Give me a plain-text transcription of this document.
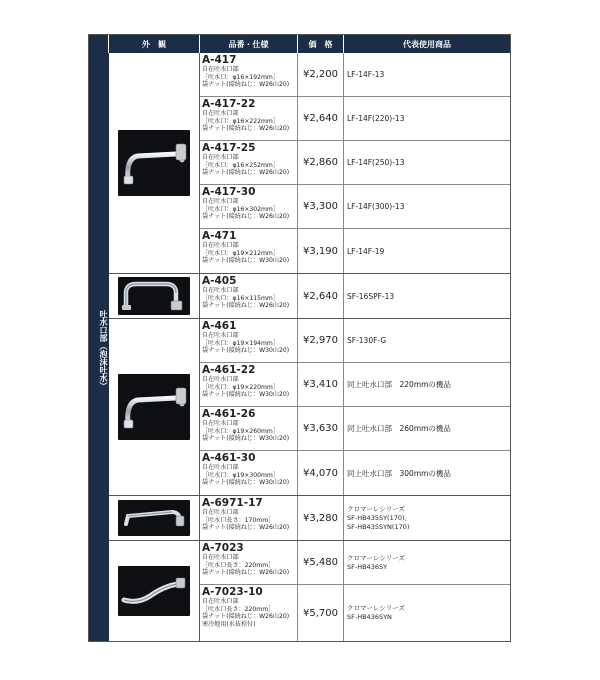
外　観	品番・仕様	価　格	代表使用商品
吐水口部（泡沫吐水）
A-417
自在吐水口部
［吐水口：φ16×192mm］
袋ナット(接続ねじ：W26山20)
¥2,200	LF-14F-13
A-417-22
自在吐水口部
［吐水口：φ16×222mm］
袋ナット(接続ねじ：W26山20)
¥2,640	LF-14F(220)-13
A-417-25
自在吐水口部
［吐水口：φ16×252mm］
袋ナット(接続ねじ：W26山20)
¥2,860	LF-14F(250)-13
A-417-30
自在吐水口部
［吐水口：φ16×302mm］
袋ナット(接続ねじ：W26山20)
¥3,300	LF-14F(300)-13
A-471
自在吐水口部
［吐水口：φ19×212mm］
袋ナット(接続ねじ：W30山20)
¥3,190	LF-14F-19
A-405
自在吐水口部
［吐水口：φ16×115mm］
袋ナット(接続ねじ：W26山20)
¥2,640	SF-16SPF-13
A-461
自在吐水口部
［吐水口：φ19×194mm］
袋ナット(接続ねじ：W30山20)
¥2,970	SF-130F-G
A-461-22
自在吐水口部
［吐水口：φ19×220mm］
袋ナット(接続ねじ：W30山20)
¥3,410	同上吐水口部　220mmの機品
A-461-26
自在吐水口部
［吐水口：φ19×260mm］
袋ナット(接続ねじ：W30山20)
¥3,630	同上吐水口部　260mmの機品
A-461-30
自在吐水口部
［吐水口：φ19×300mm］
袋ナット(接続ねじ：W30山20)
¥4,070	同上吐水口部　300mmの機品
A-6971-17
自在吐水口部
［吐水口長さ：170mm］
袋ナット(接続ねじ：W26山20)
¥3,280
クロマーレシリーズ
SF-HB435SY(170)、
SF-HB435SYN(170)
A-7023
自在吐水口部
［吐水口長さ：220mm］
袋ナット(接続ねじ：W26山20)
¥5,480	クロマーレシリーズ
SF-HB436SY
A-7023-10
自在吐水口部
［吐水口長さ：220mm］
袋ナット(接続ねじ：W26山20)
寒冷地用(水抜栓付)
¥5,700	クロマーレシリーズ
SF-HB436SYN
